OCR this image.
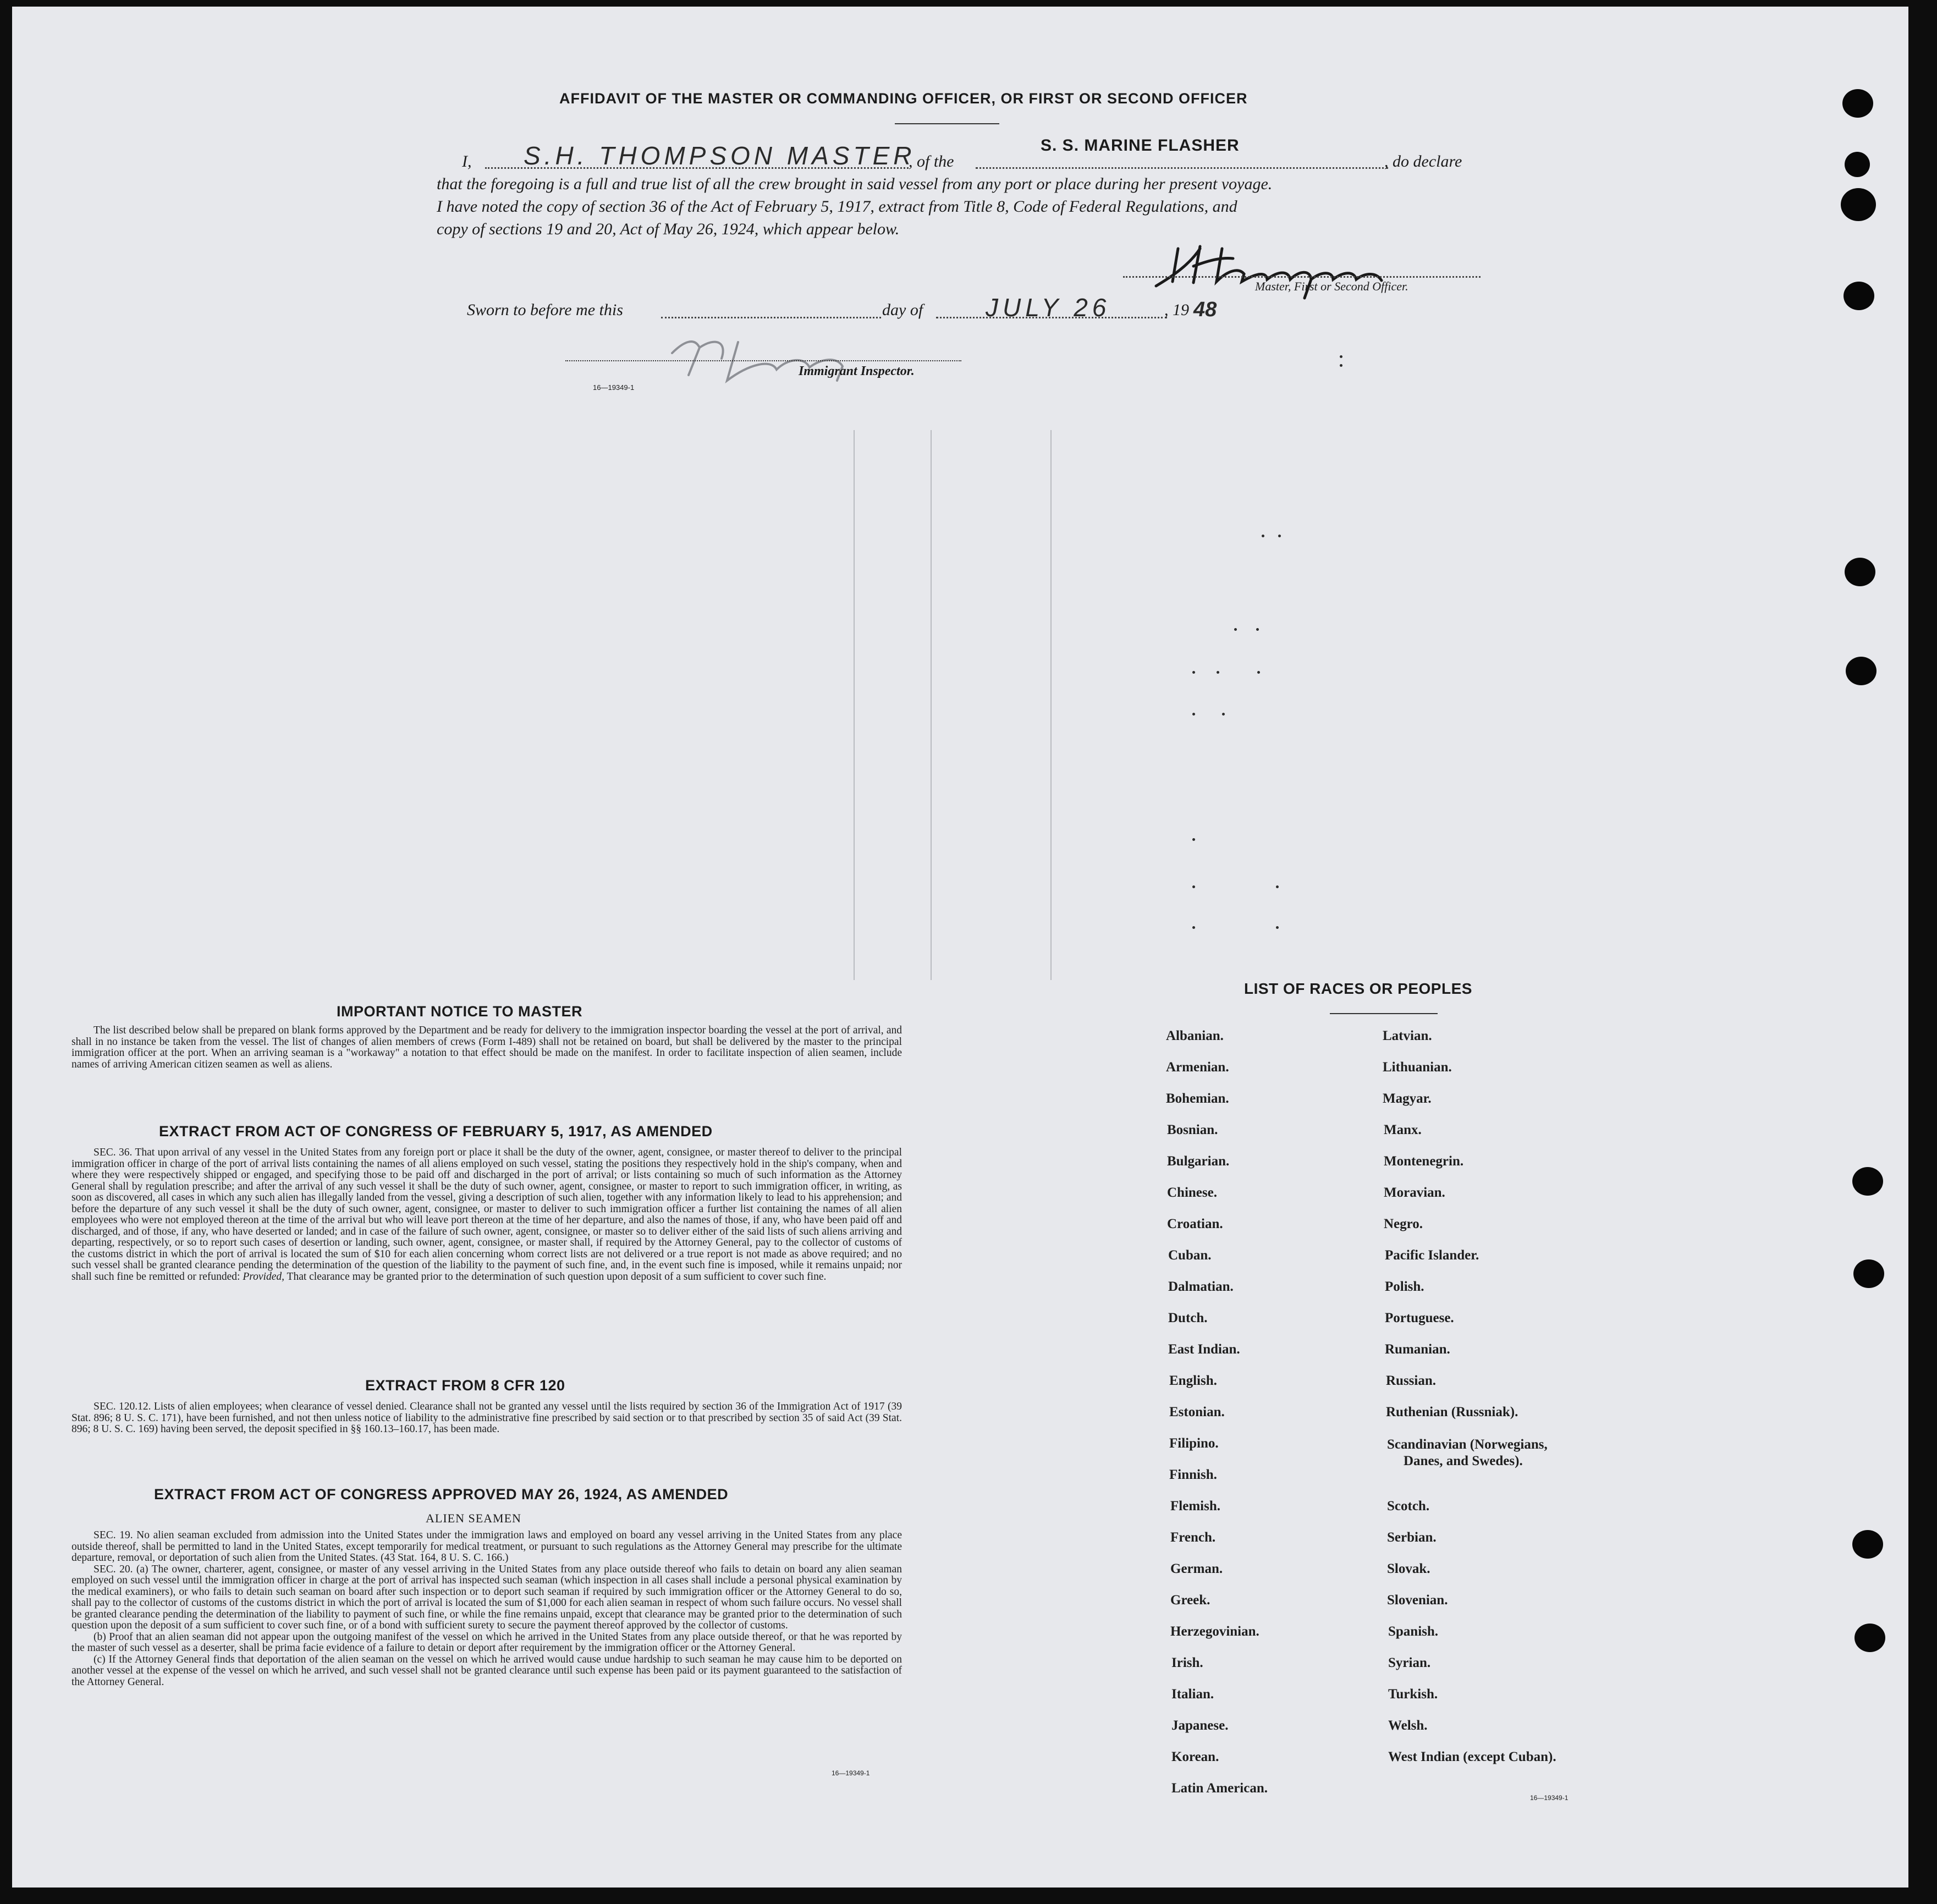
AFFIDAVIT OF THE MASTER OR COMMANDING OFFICER, OR FIRST OR SECOND OFFICER
I, S.H. THOMPSON MASTER
, of the
S. S. MARINE FLASHER
, do declare
that the foregoing is a full and true list of all the crew brought in said vessel from any port or place during her present voyage.
I have noted the copy of section 36 of the Act of February 5, 1917, extract from Title 8, Code of Federal Regulations, and
copy of sections 19 and 20, Act of May 26, 1924, which appear below.
Master, First or Second Officer.
Sworn to before me this	day of JULY 26	, 19 48
16—19349-1
Immigrant Inspector.
IMPORTANT NOTICE TO MASTER

The list described below shall be prepared on blank forms approved by the Department and be ready for delivery to the immigration inspector boarding the vessel at the port of arrival, and shall in no instance be taken from the vessel. The list of changes of alien members of crews (Form I-489) shall not be retained on board, but shall be delivered by the master to the principal immigration officer at the port. When an arriving seaman is a "workaway" a notation to that effect should be made on the manifest. In order to facilitate inspection of alien seamen, include names of arriving American citizen seamen as well as aliens.

EXTRACT FROM ACT OF CONGRESS OF FEBRUARY 5, 1917, AS AMENDED

SEC. 36. That upon arrival of any vessel in the United States from any foreign port or place it shall be the duty of the owner, agent, consignee, or master thereof to deliver to the principal immigration officer in charge of the port of arrival lists containing the names of all aliens employed on such vessel, stating the positions they respectively hold in the ship's company, when and where they were respectively shipped or engaged, and specifying those to be paid off and discharged in the port of arrival; or lists containing so much of such information as the Attorney General shall by regulation prescribe; and after the arrival of any such vessel it shall be the duty of such owner, agent, consignee, or master to report to such immigration officer, in writing, as soon as discovered, all cases in which any such alien has illegally landed from the vessel, giving a description of such alien, together with any information likely to lead to his apprehension; and before the departure of any such vessel it shall be the duty of such owner, agent, consignee, or master to deliver to such immigration officer a further list containing the names of all alien employees who were not employed thereon at the time of the arrival but who will leave port thereon at the time of her departure, and also the names of those, if any, who have been paid off and discharged, and of those, if any, who have deserted or landed; and in case of the failure of such owner, agent, consignee, or master so to deliver either of the said lists of such aliens arriving and departing, respectively, or so to report such cases of desertion or landing, such owner, agent, consignee, or master shall, if required by the Attorney General, pay to the collector of customs of the customs district in which the port of arrival is located the sum of $10 for each alien concerning whom correct lists are not delivered or a true report is not made as above required; and no such vessel shall be granted clearance pending the determination of the question of the liability to the payment of such fine, and, in the event such fine is imposed, while it remains unpaid; nor shall such fine be remitted or refunded: Provided, That clearance may be granted prior to the determination of such question upon deposit of a sum sufficient to cover such fine.

EXTRACT FROM 8 CFR 120

SEC. 120.12. Lists of alien employees; when clearance of vessel denied. Clearance shall not be granted any vessel until the lists required by section 36 of the Immigration Act of 1917 (39 Stat. 896; 8 U. S. C. 171), have been furnished, and not then unless notice of liability to the administrative fine prescribed by said section or to that prescribed by section 35 of said Act (39 Stat. 896; 8 U. S. C. 169) having been served, the deposit specified in §§ 160.13–160.17, has been made.

EXTRACT FROM ACT OF CONGRESS APPROVED MAY 26, 1924, AS AMENDED
ALIEN SEAMEN

SEC. 19. No alien seaman excluded from admission into the United States under the immigration laws and employed on board any vessel arriving in the United States from any place outside thereof, shall be permitted to land in the United States, except temporarily for medical treatment, or pursuant to such regulations as the Attorney General may prescribe for the ultimate departure, removal, or deportation of such alien from the United States. (43 Stat. 164, 8 U. S. C. 166.)

SEC. 20. (a) The owner, charterer, agent, consignee, or master of any vessel arriving in the United States from any place outside thereof who fails to detain on board any alien seaman employed on such vessel until the immigration officer in charge at the port of arrival has inspected such seaman (which inspection in all cases shall include a personal physical examination by the medical examiners), or who fails to detain such seaman on board after such inspection or to deport such seaman if required by such immigration officer or the Attorney General to do so, shall pay to the collector of customs of the customs district in which the port of arrival is located the sum of $1,000 for each alien seaman in respect of whom such failure occurs. No vessel shall be granted clearance pending the determination of the liability to payment of such fine, or while the fine remains unpaid, except that clearance may be granted prior to the determination of such question upon the deposit of a sum sufficient to cover such fine, or of a bond with sufficient surety to secure the payment thereof approved by the collector of customs.

(b) Proof that an alien seaman did not appear upon the outgoing manifest of the vessel on which he arrived in the United States from any place outside thereof, or that he was reported by the master of such vessel as a deserter, shall be prima facie evidence of a failure to detain or deport after requirement by the immigration officer or the Attorney General.

(c) If the Attorney General finds that deportation of the alien seaman on the vessel on which he arrived would cause undue hardship to such seaman he may cause him to be deported on another vessel at the expense of the vessel on which he arrived, and such vessel shall not be granted clearance until such expense has been paid or its payment guaranteed to the satisfaction of the Attorney General.

16—19349-1
LIST OF RACES OR PEOPLES
Albanian.
Armenian.
Bohemian.
Bosnian.
Bulgarian.
Chinese.
Croatian.
Cuban.
Dalmatian.
Dutch.
East Indian.
English.
Estonian.
Filipino.
Finnish.
Flemish.
French.
German.
Greek.
Herzegovinian.
Irish.
Italian.
Japanese.
Korean.
Latin American.
Latvian.
Lithuanian.
Magyar.
Manx.
Montenegrin.
Moravian.
Negro.
Pacific Islander.
Polish.
Portuguese.
Rumanian.
Russian.
Ruthenian (Russniak).
Scandinavian (Norwegians,
Danes, and Swedes).
Scotch.
Serbian.
Slovak.
Slovenian.
Spanish.
Syrian.
Turkish.
Welsh.
West Indian (except Cuban).
16—19349-1
